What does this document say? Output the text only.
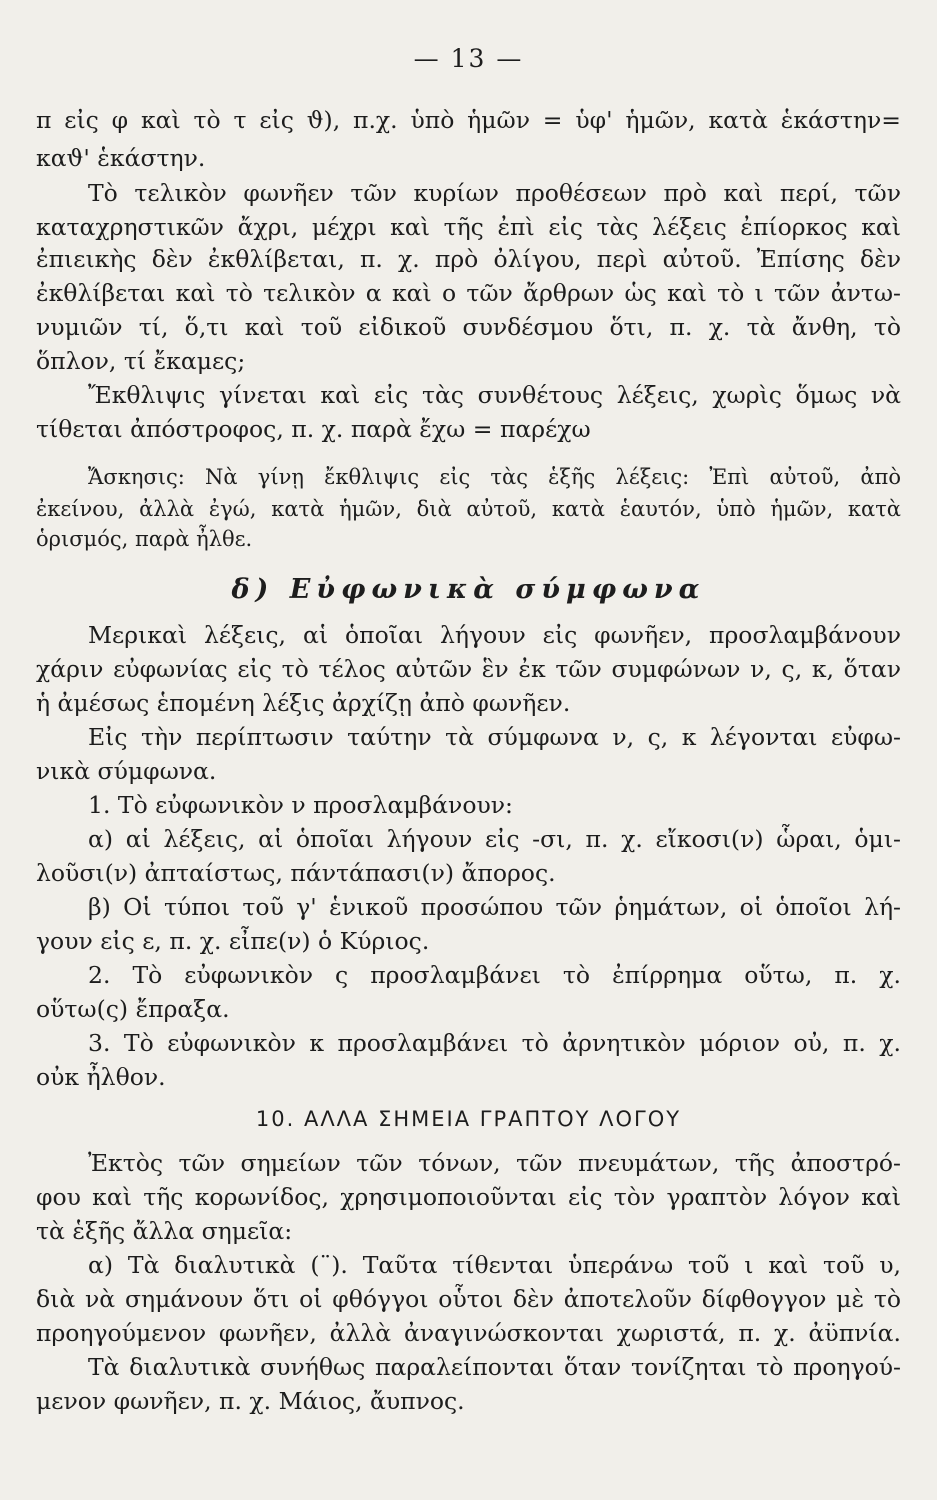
— 13 —
π εἰς φ καὶ τὸ τ εἰς ϑ), π.χ. ὑπὸ ἡμῶν = ὑφ' ἡμῶν, κατὰ ἑκάστην=
καϑ' ἑκάστην.
Τὸ τελικὸν φωνῆεν τῶν κυρίων προθέσεων πρὸ καὶ περί, τῶν
καταχρηστικῶν ἄχρι, μέχρι καὶ τῆς ἐπὶ εἰς τὰς λέξεις ἐπίορκος καὶ
ἐπιεικὴς δὲν ἐκθλίβεται, π. χ. πρὸ ὀλίγου, περὶ αὐτοῦ. Ἐπίσης δὲν
ἐκθλίβεται καὶ τὸ τελικὸν α καὶ ο τῶν ἄρθρων ὡς καὶ τὸ ι τῶν ἀντω-
νυμιῶν τί, ὅ,τι καὶ τοῦ εἰδικοῦ συνδέσμου ὅτι, π. χ. τὰ ἄνθη, τὸ
ὅπλον, τί ἔκαμες;
Ἔκθλιψις γίνεται καὶ εἰς τὰς συνθέτους λέξεις, χωρὶς ὅμως νὰ
τίθεται ἀπόστροφος, π. χ. παρὰ ἔχω = παρέχω
Ἄσκησις: Νὰ γίνῃ ἔκθλιψις εἰς τὰς ἑξῆς λέξεις: Ἐπὶ αὐτοῦ, ἀπὸ
ἐκείνου, ἀλλὰ ἐγώ, κατὰ ἡμῶν, διὰ αὐτοῦ, κατὰ ἑαυτόν, ὑπὸ ἡμῶν, κατὰ
ὁρισμός, παρὰ ἦλθε.
δ) Εὐφωνικὰ σύμφωνα
Μερικαὶ λέξεις, αἱ ὁποῖαι λήγουν εἰς φωνῆεν, προσλαμβάνουν
χάριν εὐφωνίας εἰς τὸ τέλος αὐτῶν ἓν ἐκ τῶν συμφώνων ν, ς, κ, ὅταν
ἡ ἀμέσως ἑπομένη λέξις ἀρχίζῃ ἀπὸ φωνῆεν.
Εἰς τὴν περίπτωσιν ταύτην τὰ σύμφωνα ν, ς, κ λέγονται εὐφω-
νικὰ σύμφωνα.
1. Τὸ εὐφωνικὸν ν προσλαμβάνουν:
α) αἱ λέξεις, αἱ ὁποῖαι λήγουν εἰς -σι, π. χ. εἴκοσι(ν) ὧραι, ὁμι-
λοῦσι(ν) ἀπταίστως, πάντάπασι(ν) ἄπορος.
β) Οἱ τύποι τοῦ γ' ἑνικοῦ προσώπου τῶν ῥημάτων, οἱ ὁποῖοι λή-
γουν εἰς ε, π. χ. εἶπε(ν) ὁ Κύριος.
2. Τὸ εὐφωνικὸν ς προσλαμβάνει τὸ ἐπίρρημα οὕτω, π. χ.
οὕτω(ς) ἔπραξα.
3. Τὸ εὐφωνικὸν κ προσλαμβάνει τὸ ἀρνητικὸν μόριον οὐ, π. χ.
οὐκ ἦλθον.
10. ΑΛΛΑ ΣΗΜΕΙΑ ΓΡΑΠΤΟΥ ΛΟΓΟΥ
Ἐκτὸς τῶν σημείων τῶν τόνων, τῶν πνευμάτων, τῆς ἀποστρό-
φου καὶ τῆς κορωνίδος, χρησιμοποιοῦνται εἰς τὸν γραπτὸν λόγον καὶ
τὰ ἑξῆς ἄλλα σημεῖα:
α) Τὰ διαλυτικὰ (¨). Ταῦτα τίθενται ὑπεράνω τοῦ ι καὶ τοῦ υ,
διὰ νὰ σημάνουν ὅτι οἱ φθόγγοι οὗτοι δὲν ἀποτελοῦν δίφθογγον μὲ τὸ
προηγούμενον φωνῆεν, ἀλλὰ ἀναγινώσκονται χωριστά, π. χ. ἀϋπνία.
Τὰ διαλυτικὰ συνήθως παραλείπονται ὅταν τονίζηται τὸ προηγού-
μενον φωνῆεν, π. χ. Μάιος, ἄυπνος.
